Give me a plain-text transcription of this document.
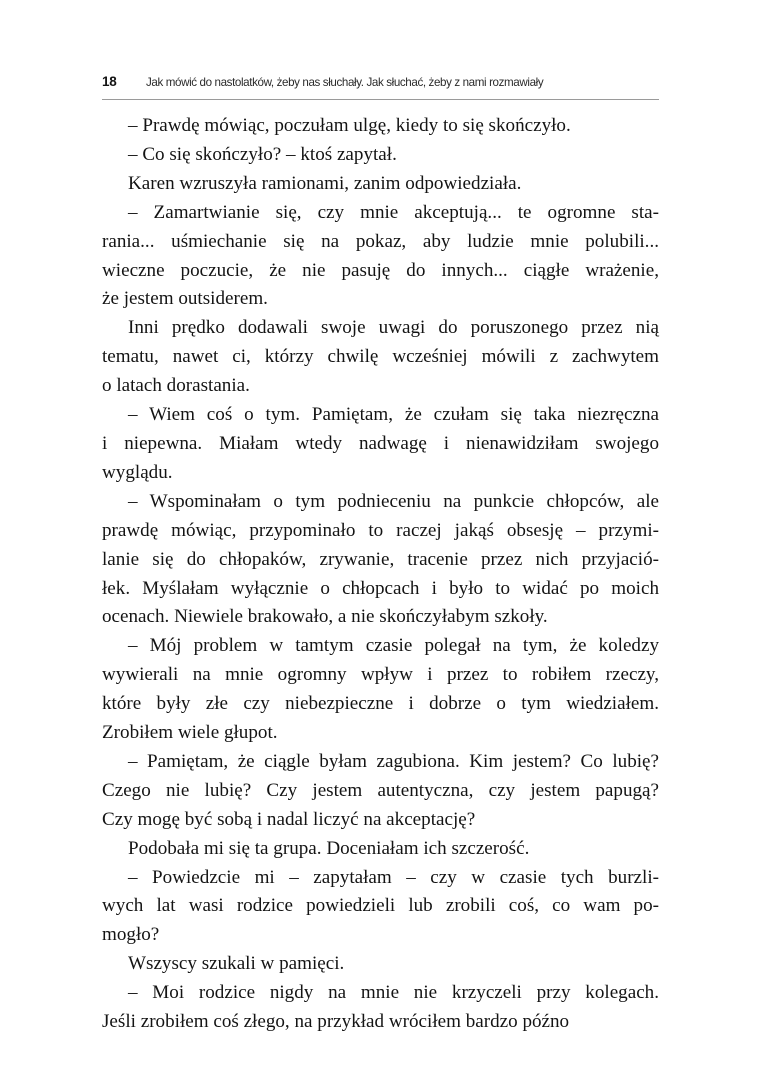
18	Jak mówić do nastolatków, żeby nas słuchały. Jak słuchać, żeby z nami rozmawiały

– Prawdę mówiąc, poczułam ulgę, kiedy to się skończyło.

– Co się skończyło? – ktoś zapytał.

Karen wzruszyła ramionami, zanim odpowiedziała.

– Zamartwianie się, czy mnie akceptują... te ogromne sta-
rania... uśmiechanie się na pokaz, aby ludzie mnie polubili...
wieczne poczucie, że nie pasuję do innych... ciągłe wrażenie,
że jestem outsiderem.

Inni prędko dodawali swoje uwagi do poruszonego przez nią
tematu, nawet ci, którzy chwilę wcześniej mówili z zachwytem
o latach dorastania.

– Wiem coś o tym. Pamiętam, że czułam się taka niezręczna
i niepewna. Miałam wtedy nadwagę i nienawidziłam swojego
wyglądu.

– Wspominałam o tym podnieceniu na punkcie chłopców, ale
prawdę mówiąc, przypominało to raczej jakąś obsesję – przymi-
lanie się do chłopaków, zrywanie, tracenie przez nich przyjació-
łek. Myślałam wyłącznie o chłopcach i było to widać po moich
ocenach. Niewiele brakowało, a nie skończyłabym szkoły.

– Mój problem w tamtym czasie polegał na tym, że koledzy
wywierali na mnie ogromny wpływ i przez to robiłem rzeczy,
które były złe czy niebezpieczne i dobrze o tym wiedziałem.
Zrobiłem wiele głupot.

– Pamiętam, że ciągle byłam zagubiona. Kim jestem? Co lubię?
Czego nie lubię? Czy jestem autentyczna, czy jestem papugą?
Czy mogę być sobą i nadal liczyć na akceptację?

Podobała mi się ta grupa. Doceniałam ich szczerość.

– Powiedzcie mi – zapytałam – czy w czasie tych burzli-
wych lat wasi rodzice powiedzieli lub zrobili coś, co wam po-
mogło?

Wszyscy szukali w pamięci.

– Moi rodzice nigdy na mnie nie krzyczeli przy kolegach.
Jeśli zrobiłem coś złego, na przykład wróciłem bardzo późno
